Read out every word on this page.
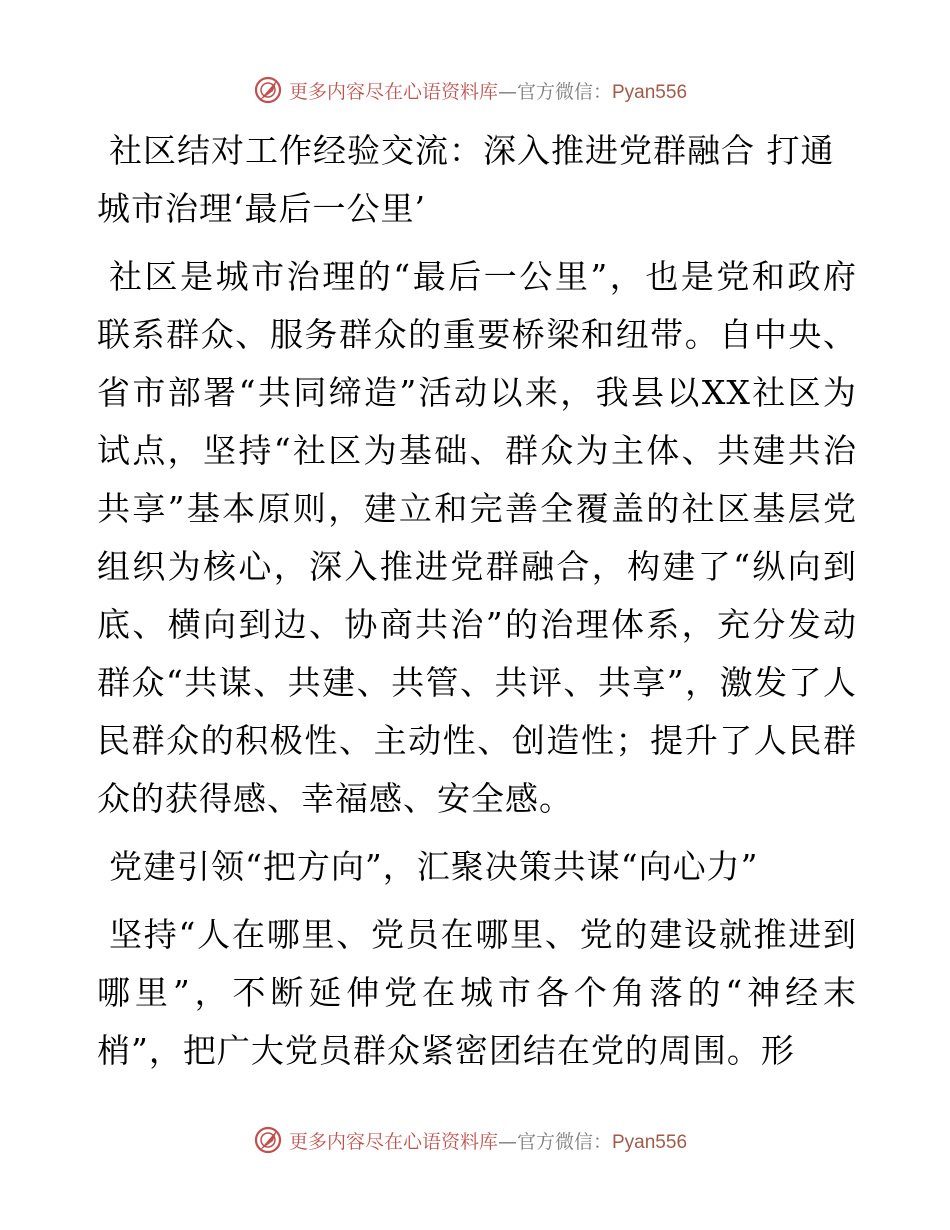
更多内容尽在心语资料库—官方微信：Pyan556
社区结对工作经验交流：深入推进党群融合 打通城市治理‘最后一公里’

社区是城市治理的“最后一公里”，也是党和政府联系群众、服务群众的重要桥梁和纽带。自中央、省市部署“共同缔造”活动以来，我县以XX社区为试点，坚持“社区为基础、群众为主体、共建共治共享”基本原则，建立和完善全覆盖的社区基层党组织为核心，深入推进党群融合，构建了“纵向到底、横向到边、协商共治”的治理体系，充分发动群众“共谋、共建、共管、共评、共享”，激发了人民群众的积极性、主动性、创造性；提升了人民群众的获得感、幸福感、安全感。

党建引领“把方向”，汇聚决策共谋“向心力”

坚持“人在哪里、党员在哪里、党的建设就推进到哪里”，不断延伸党在城市各个角落的“神经末梢”，把广大党员群众紧密团结在党的周围。形

更多内容尽在心语资料库—官方微信：Pyan556
